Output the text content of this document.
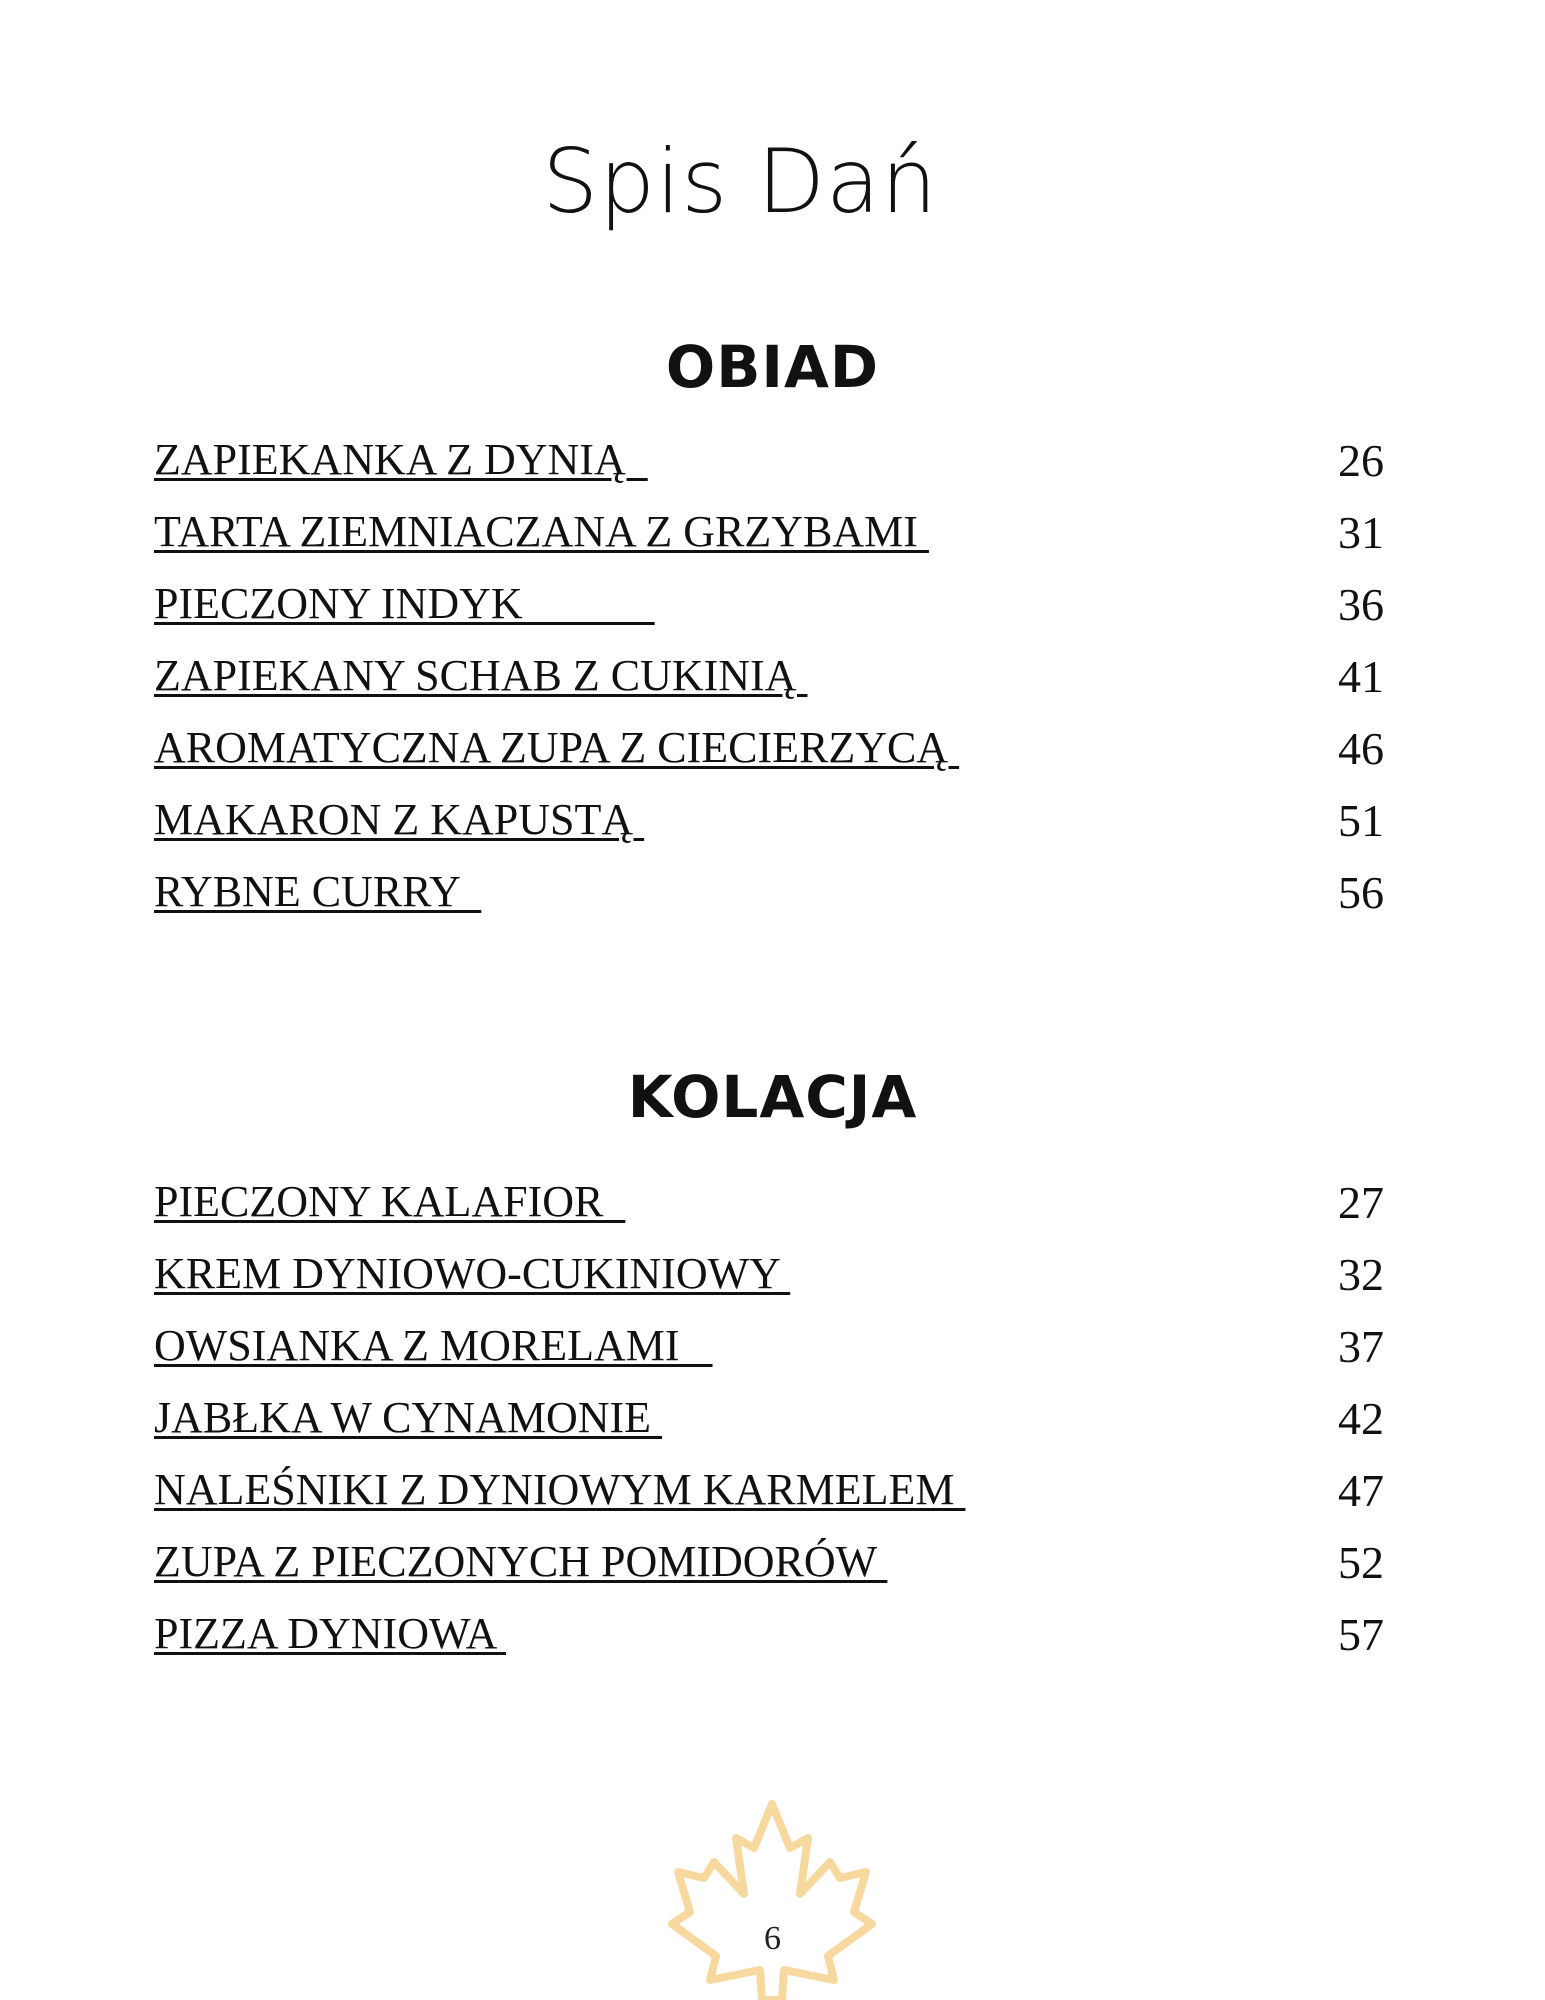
Spis Dań
OBIAD
ZAPIEKANKA Z DYNIĄ	26
TARTA ZIEMNIACZANA Z GRZYBAMI	31
PIECZONY INDYK	36
ZAPIEKANY SCHAB Z CUKINIĄ	41
AROMATYCZNA ZUPA Z CIECIERZYCĄ	46
MAKARON Z KAPUSTĄ	51
RYBNE CURRY	56
KOLACJA
PIECZONY KALAFIOR	27
KREM DYNIOWO-CUKINIOWY	32
OWSIANKA Z MORELAMI	37
JABŁKA W CYNAMONIE	42
NALEŚNIKI Z DYNIOWYM KARMELEM	47
ZUPA Z PIECZONYCH POMIDORÓW	52
PIZZA DYNIOWA	57
6
